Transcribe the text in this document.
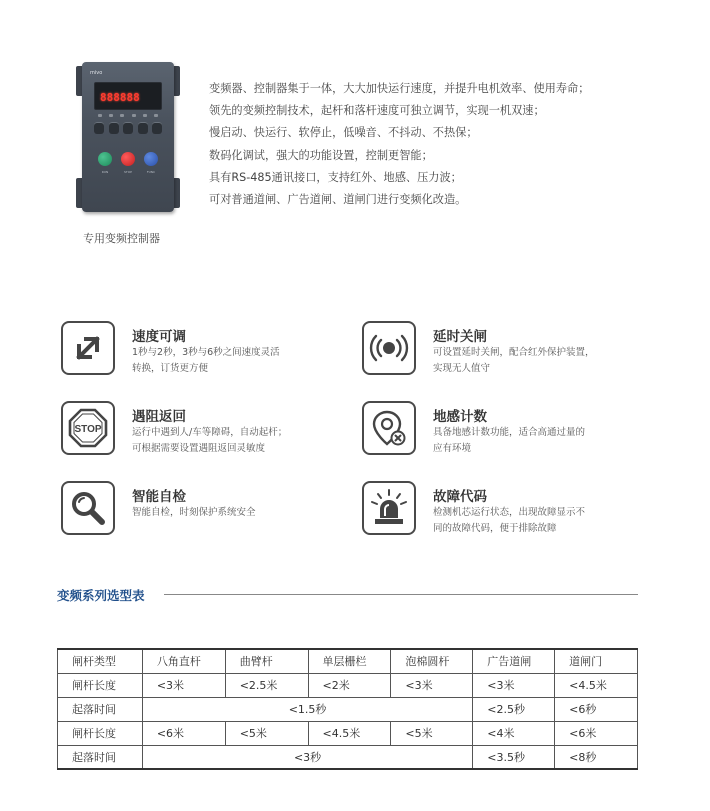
mivo
888888
RUN	STOP	FUNC
专用变频控制器
变频器、控制器集于一体，大大加快运行速度，并提升电机效率、使用寿命；
领先的变频控制技术，起杆和落杆速度可独立调节，实现一机双速；
慢启动、快运行、软停止，低噪音、不抖动、不热保；
数码化调试，强大的功能设置，控制更智能；
具有RS-485通讯接口，支持红外、地感、压力波；
可对普通道闸、广告道闸、道闸门进行变频化改造。
速度可调
1秒与2秒，3秒与6秒之间速度灵活
转换，订货更方便
延时关闸
可设置延时关闸，配合红外保护装置，
实现无人值守
STOP
遇阻返回
运行中遇到人/车等障碍，自动起杆；
可根据需要设置遇阻返回灵敏度
地感计数
具备地感计数功能，适合高通过量的
应有环境
智能自检
智能自检，时刻保护系统安全
故障代码
检测机芯运行状态，出现故障显示不
同的故障代码，便于排除故障
变频系列选型表
闸杆类型	八角直杆	曲臂杆	单层栅栏	泡棉圆杆	广告道闸	道闸门
闸杆长度	<3米	<2.5米	<2米	<3米	<3米	<4.5米
起落时间	<1.5秒				<2.5秒	<6秒
闸杆长度	<6米	<5米	<4.5米	<5米	<4米	<6米
起落时间	<3秒				<3.5秒	<8秒
